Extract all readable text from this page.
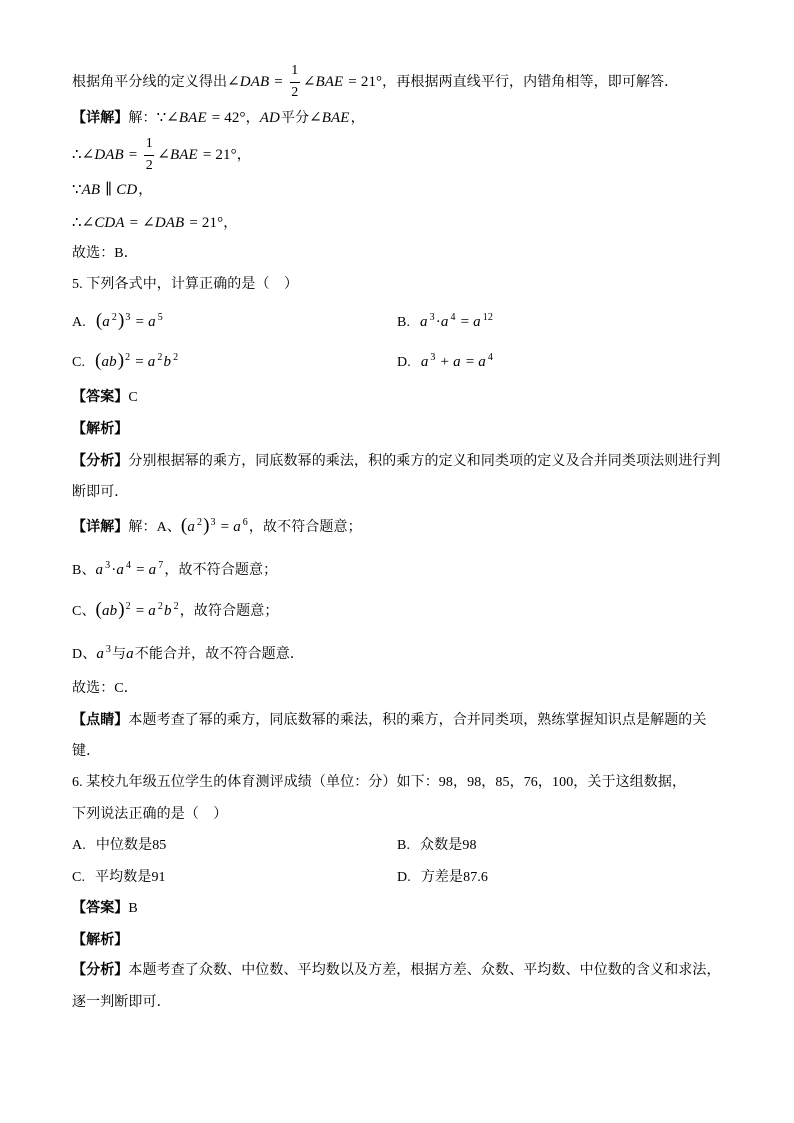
根据角平分线的定义得出∠DAB = $\frac{1}{2}$ ∠BAE = 21°，再根据两直线平行，内错角相等，即可解答．
【详解】解：∵∠BAE = 42°，AD平分∠BAE，
∴∠DAB = $\frac{1}{2}$ ∠BAE = 21°，
∵AB ∥ CD，
∴∠CDA = ∠DAB = 21°，
故选：B．
5. 下列各式中，计算正确的是（    ）
A. (a $^2$)$^3$ = a $^5$	B. a $^3$·a $^4$ = a $^{12}$
C. (ab)$^2$ = a $^2$b $^2$	D. a $^3$ + a = a $^4$
【答案】C
【解析】
【分析】分别根据幂的乘方，同底数幂的乘法，积的乘方的定义和同类项的定义及合并同类项法则进行判
断即可．
【详解】解：A、(a $^2$)$^3$ = a $^6$，故不符合题意；
B、a $^3$·a $^4$ = a $^7$，故不符合题意；
C、(ab)$^2$ = a $^2$b $^2$，故符合题意；
D、a $^3$与a不能合并，故不符合题意．
故选：C．
【点睛】本题考查了幂的乘方，同底数幂的乘法，积的乘方，合并同类项，熟练掌握知识点是解题的关
键．
6. 某校九年级五位学生的体育测评成绩（单位：分）如下：98，98，85，76，100，关于这组数据，
下列说法正确的是（    ）
A. 中位数是85	B. 众数是98
C. 平均数是91	D. 方差是87.6
【答案】B
【解析】
【分析】本题考查了众数、中位数、平均数以及方差，根据方差、众数、平均数、中位数的含义和求法，
逐一判断即可．
